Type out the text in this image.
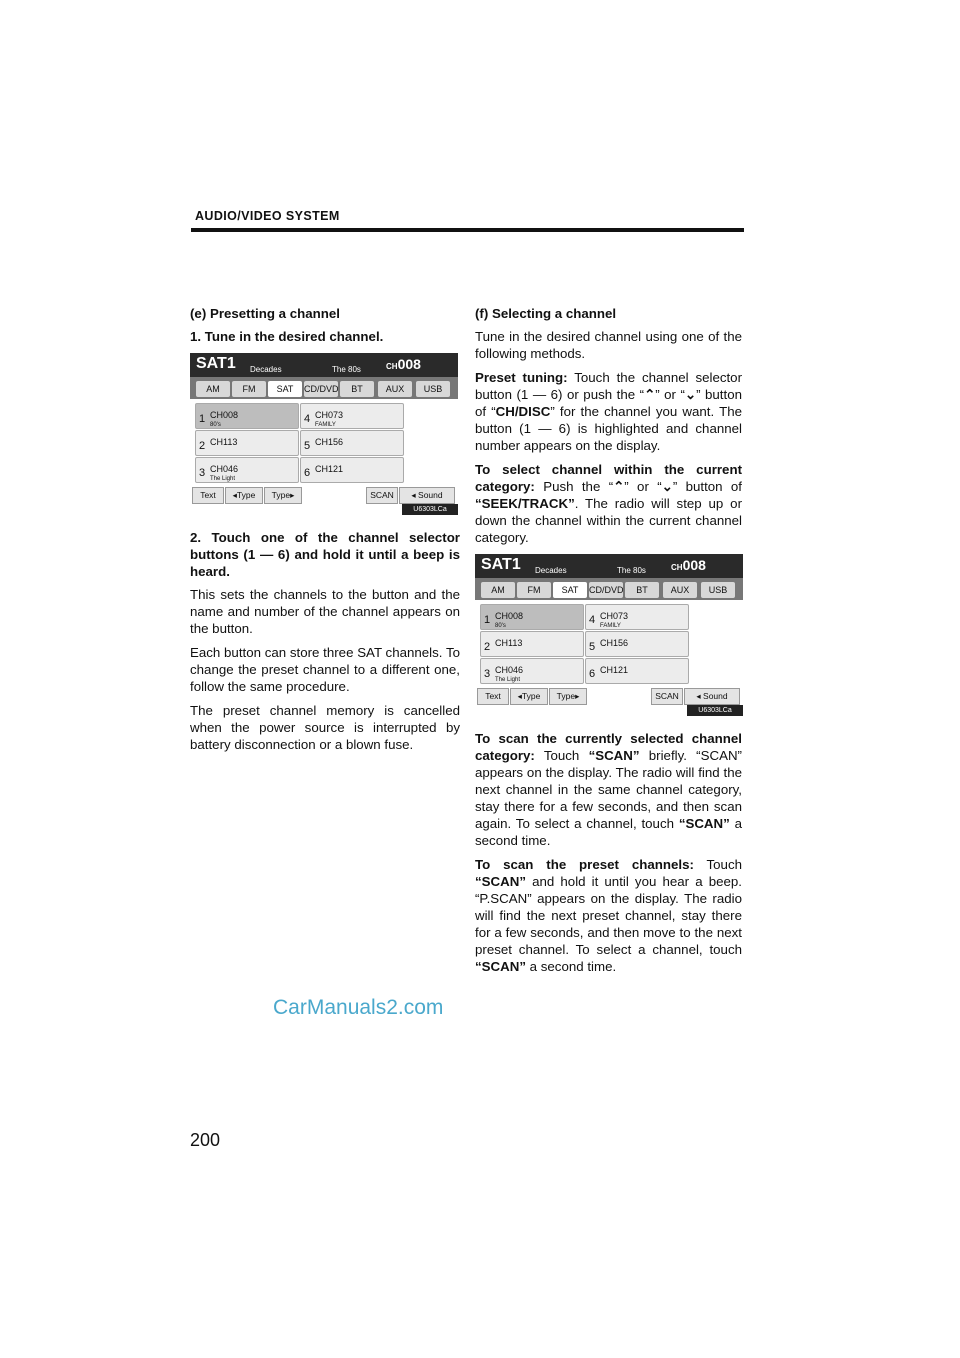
AUDIO/VIDEO SYSTEM

(e) Presetting a channel

1. Tune in the desired channel.

SAT1 Decades	The 80s	CH008
AM	FM	SAT	CD/DVD	BT	AUX	USB
1 CH008
80's
2 CH113
3 CH046
The Light
4 CH073
FAMILY
5 CH156
6 CH121
Text	◂Type	Type▸	SCAN	◂ Sound
U6303LCa

2. Touch one of the channel selector buttons (1 — 6) and hold it until a beep is heard.

This sets the channels to the button and the name and number of the channel appears on the button.

Each button can store three SAT channels. To change the preset channel to a different one, follow the same procedure.

The preset channel memory is cancelled when the power source is interrupted by battery disconnection or a blown fuse.

(f) Selecting a channel

Tune in the desired channel using one of the following methods.

Preset tuning: Touch the channel selector button (1 — 6) or push the “⌃” or “⌄” button of “CH/DISC” for the channel you want. The button (1 — 6) is highlighted and channel number appears on the display.

To select channel within the current category: Push the “⌃” or “⌄” button of “SEEK/TRACK”. The radio will step up or down the channel within the current channel category.

SAT1 Decades	The 80s	CH008
AM	FM	SAT	CD/DVD	BT	AUX	USB
1 CH008
80's
2 CH113
3 CH046
The Light
4 CH073
FAMILY
5 CH156
6 CH121
Text	◂Type	Type▸	SCAN	◂ Sound
U6303LCa

To scan the currently selected channel category: Touch “SCAN” briefly. “SCAN” appears on the display. The radio will find the next channel in the same channel category, stay there for a few seconds, and then scan again. To select a channel, touch “SCAN” a second time.

To scan the preset channels: Touch “SCAN” and hold it until you hear a beep. “P.SCAN” appears on the display. The radio will find the next preset channel, stay there for a few seconds, and then move to the next preset channel. To select a channel, touch “SCAN” a second time.

CarManuals2.com
200
